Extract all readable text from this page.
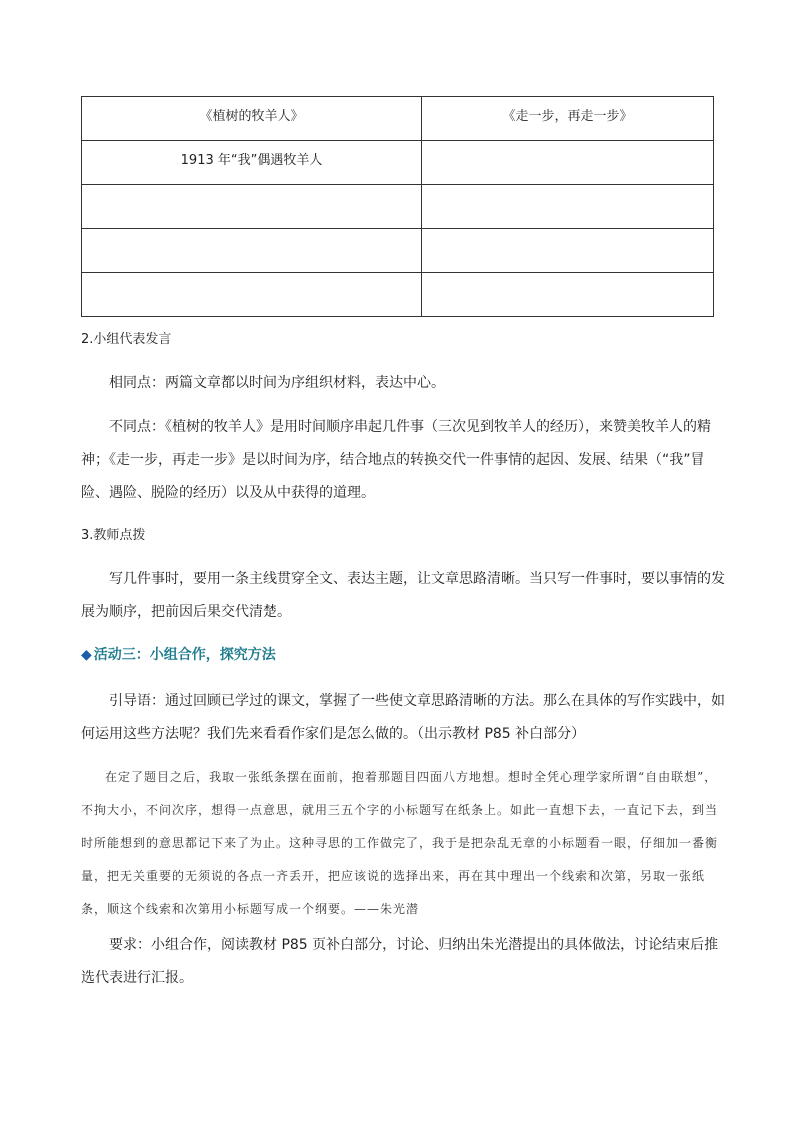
《植树的牧羊人》	《走一步，再走一步》
1913 年“我”偶遇牧羊人	

2.小组代表发言

相同点：两篇文章都以时间为序组织材料，表达中心。

不同点：《植树的牧羊人》是用时间顺序串起几件事（三次见到牧羊人的经历），来赞美牧羊人的精神；《走一步，再走一步》是以时间为序，结合地点的转换交代一件事情的起因、发展、结果（“我”冒险、遇险、脱险的经历）以及从中获得的道理。

3.教师点拨

写几件事时，要用一条主线贯穿全文、表达主题，让文章思路清晰。当只写一件事时，要以事情的发展为顺序，把前因后果交代清楚。

◆ 活动三：小组合作，探究方法

引导语：通过回顾已学过的课文，掌握了一些使文章思路清晰的方法。那么在具体的写作实践中，如何运用这些方法呢？我们先来看看作家们是怎么做的。（出示教材 P85 补白部分）

在定了题目之后，我取一张纸条摆在面前，抱着那题目四面八方地想。想时全凭心理学家所谓“自由联想”，不拘大小，不问次序，想得一点意思，就用三五个字的小标题写在纸条上。如此一直想下去，一直记下去，到当时所能想到的意思都记下来了为止。这种寻思的工作做完了，我于是把杂乱无章的小标题看一眼，仔细加一番衡量，把无关重要的无须说的各点一齐丢开，把应该说的选择出来，再在其中理出一个线索和次第，另取一张纸条，顺这个线索和次第用小标题写成一个纲要。——朱光潜

要求：小组合作，阅读教材 P85 页补白部分，讨论、归纳出朱光潜提出的具体做法，讨论结束后推选代表进行汇报。
